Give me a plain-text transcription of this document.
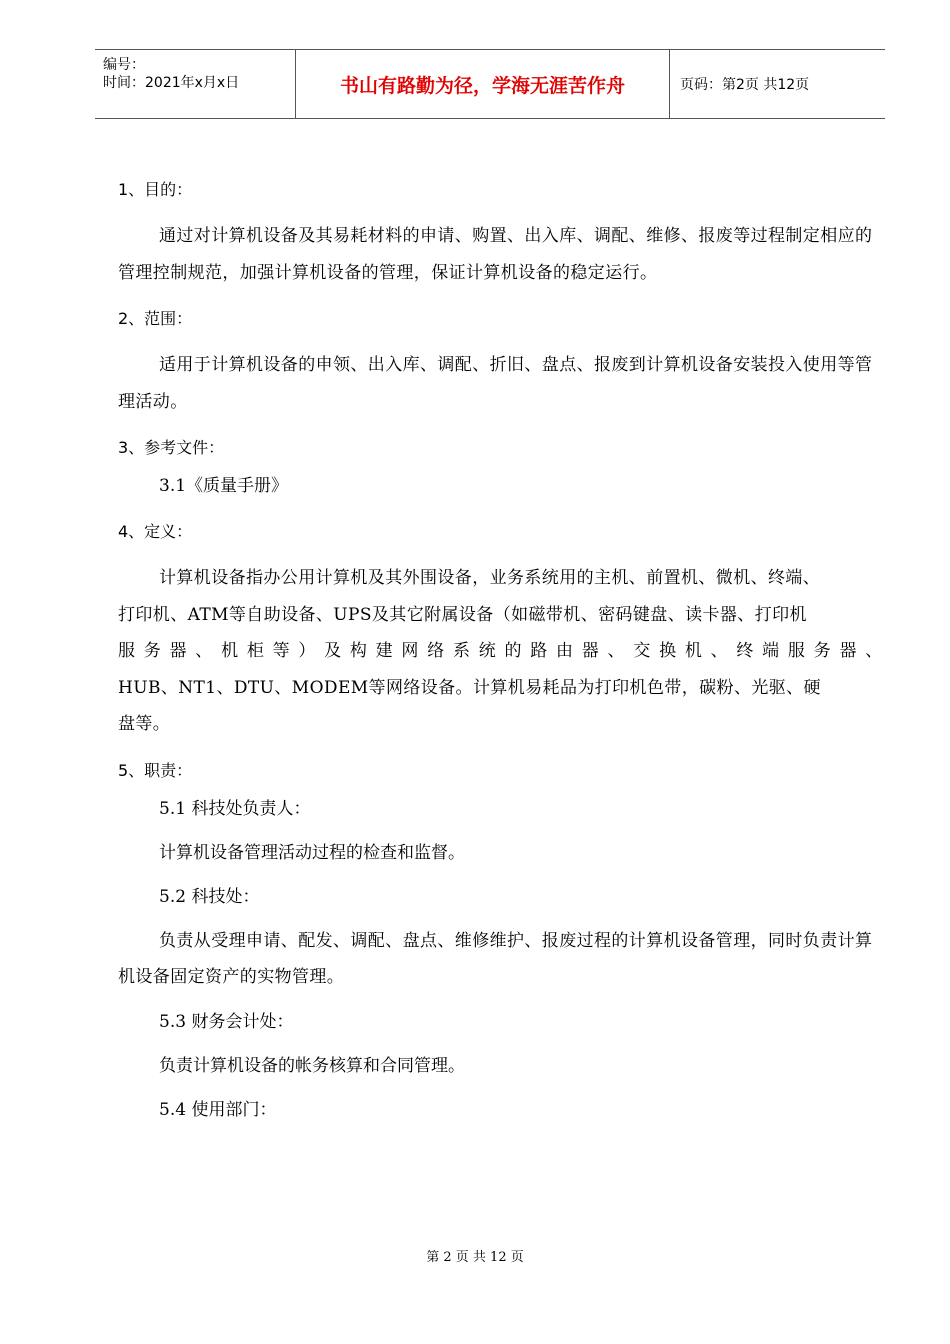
编号：
时间：2021年x月x日	书山有路勤为径，学海无涯苦作舟	页码：第2页 共12页

1、目的：

通过对计算机设备及其易耗材料的申请、购置、出入库、调配、维修、报废等过程制定相应的管理控制规范，加强计算机设备的管理，保证计算机设备的稳定运行。

2、范围：

适用于计算机设备的申领、出入库、调配、折旧、盘点、报废到计算机设备安装投入使用等管理活动。

3、参考文件：

3.1《质量手册》

4、定义：

计算机设备指办公用计算机及其外围设备，业务系统用的主机、前置机、微机、终端、

打印机、ATM等自助设备、UPS及其它附属设备（如磁带机、密码键盘、读卡器、打印机

服 务 器 、 机 柜 等 ） 及 构 建 网 络 系 统 的 路 由 器 、 交 换 机 、 终 端 服 务 器 、

HUB、NT1、DTU、MODEM等网络设备。计算机易耗品为打印机色带，碳粉、光驱、硬

盘等。

5、职责：

5.1 科技处负责人：

计算机设备管理活动过程的检查和监督。

5.2 科技处：

负责从受理申请、配发、调配、盘点、维修维护、报废过程的计算机设备管理，同时负责计算机设备固定资产的实物管理。

5.3 财务会计处：

负责计算机设备的帐务核算和合同管理。

5.4 使用部门：

第 2 页 共 12 页
